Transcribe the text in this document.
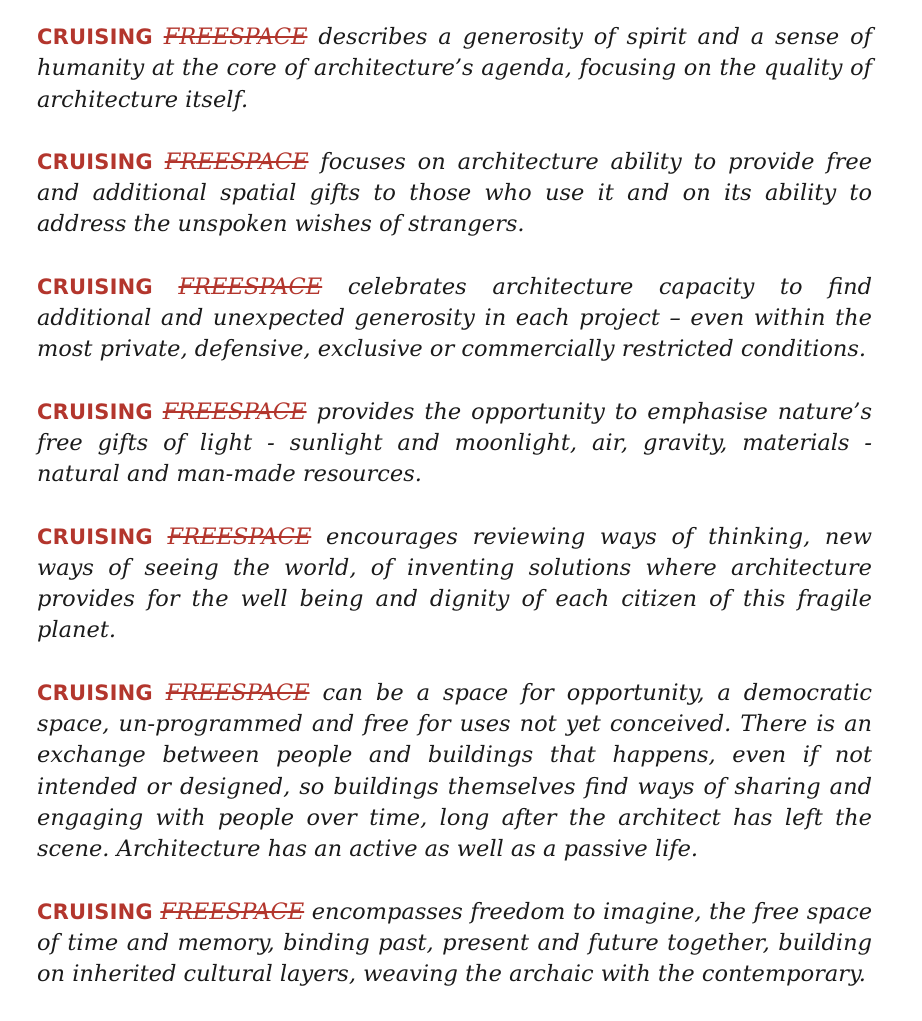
CRUISING FREESPACE describes a generosity of spirit and a sense of humanity at the core of architecture’s agenda, focusing on the quality of architecture itself.

CRUISING FREESPACE focuses on architecture ability to provide free and additional spatial gifts to those who use it and on its ability to address the unspoken wishes of strangers.

CRUISING FREESPACE celebrates architecture capacity to find additional and unexpected generosity in each project – even within the most private, defensive, exclusive or commercially restricted conditions.

CRUISING FREESPACE provides the opportunity to emphasise nature’s free gifts of light - sunlight and moonlight, air, gravity, materials - natural and man-made resources.

CRUISING FREESPACE encourages reviewing ways of thinking, new ways of seeing the world, of inventing solutions where architecture provides for the well being and dignity of each citizen of this fragile planet.

CRUISING FREESPACE can be a space for opportunity, a democratic space, un-programmed and free for uses not yet conceived. There is an exchange between people and buildings that happens, even if not intended or designed, so buildings themselves find ways of sharing and engaging with people over time, long after the architect has left the scene. Architecture has an active as well as a passive life.

CRUISING FREESPACE encompasses freedom to imagine, the free space of time and memory, binding past, present and future together, building on inherited cultural layers, weaving the archaic with the contemporary.
